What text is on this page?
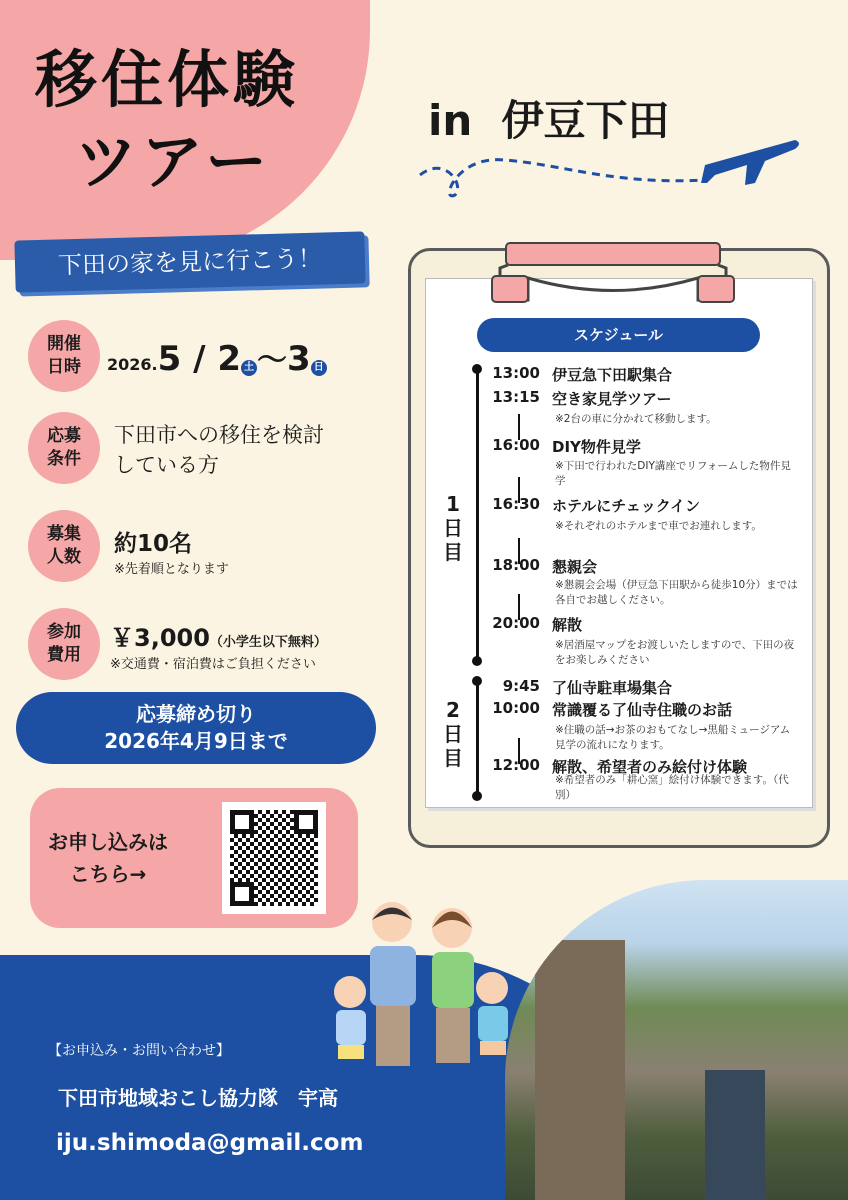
移住体験
ツアー
下田の家を見に行こう！
in  伊豆下田
開催
日時	2026.5 / 2 土 〜3 日
応募
条件
下田市への移住を検討
している方
募集
人数	約10名
※先着順となります
参加
費用
￥3,000（小学生以下無料）
※交通費・宿泊費はご負担ください
応募締め切り
2026年4月9日まで
お申し込みは
こちら→
スケジュール
1日目
2日目
13:00 伊豆急下田駅集合
13:15 空き家見学ツアー
※2台の車に分かれて移動します。
16:00 DIY物件見学
※下田で行われたDIY講座でリフォームした物件見学
16:30 ホテルにチェックイン
※それぞれのホテルまで車でお連れします。
18:00 懇親会
※懇親会会場（伊豆急下田駅から徒歩10分）までは各自でお越しください。
20:00 解散
※居酒屋マップをお渡しいたしますので、下田の夜をお楽しみください
9:45 了仙寺駐車場集合
10:00 常識覆る了仙寺住職のお話
※住職の話→お茶のおもてなし→黒船ミュージアム見学の流れになります。
12:00 解散、希望者のみ絵付け体験
※希望者のみ「耕心窯」絵付け体験できます。（代別）
【お申込み・お問い合わせ】
下田市地域おこし協力隊　宇高
iju.shimoda@gmail.com
